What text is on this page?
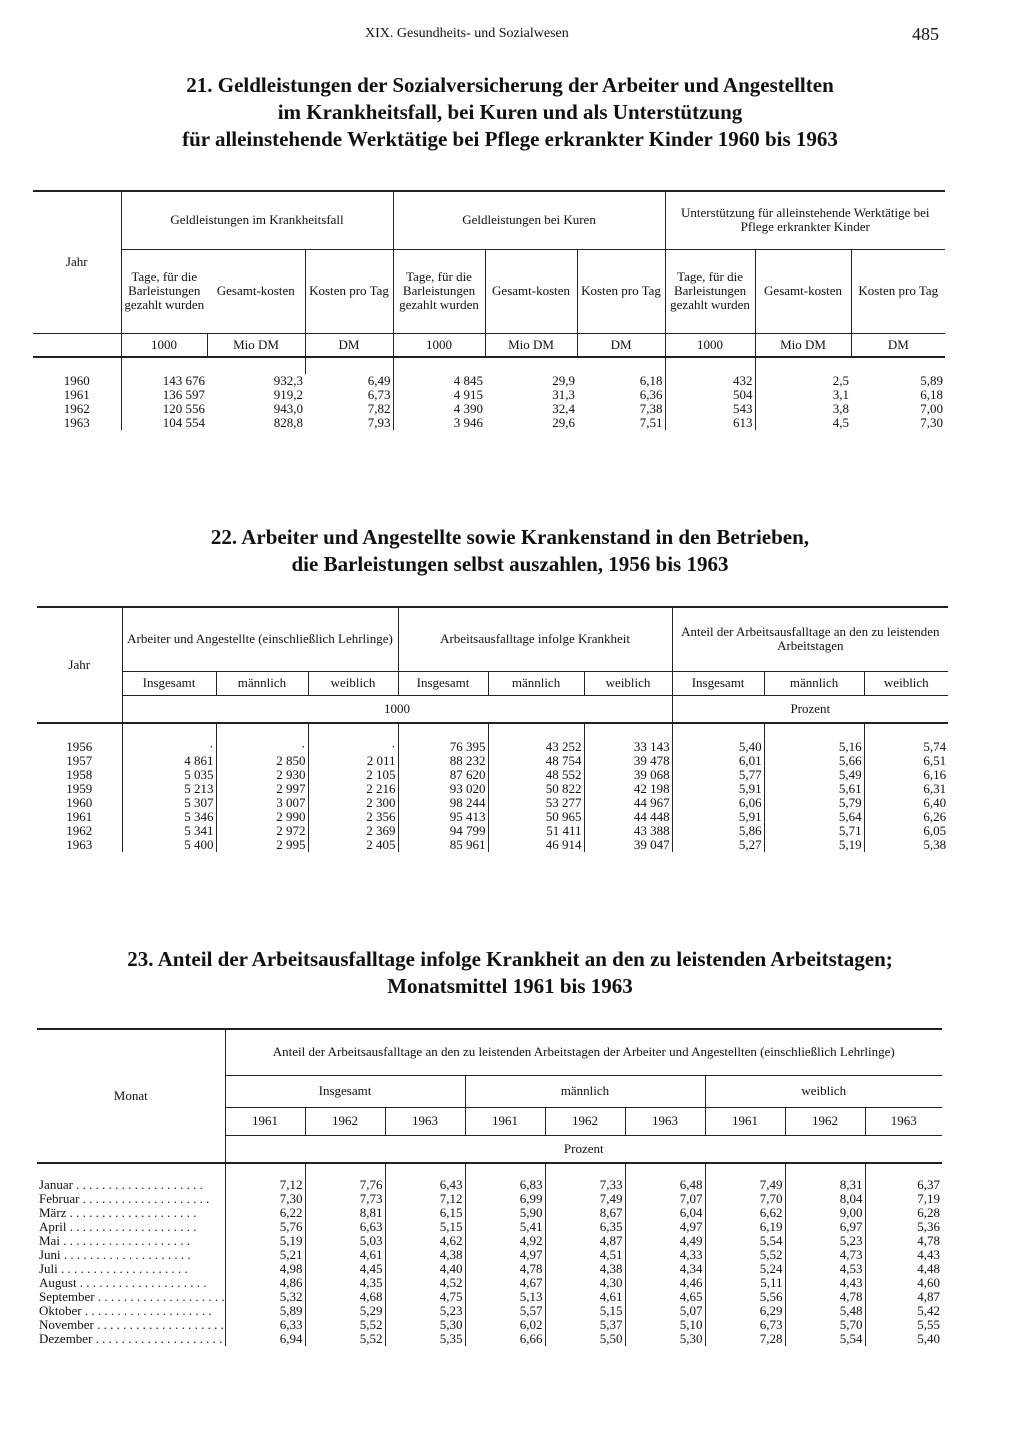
XIX. Gesundheits- und Sozialwesen	485
21. Geldleistungen der Sozialversicherung der Arbeiter und Angestellten
im Krankheitsfall, bei Kuren und als Unterstützung
für alleinstehende Werktätige bei Pflege erkrankter Kinder 1960 bis 1963
Jahr	Geldleistungen im Krankheitsfall			Geldleistungen bei Kuren			Unterstützung für alleinstehende Werktätige bei Pflege erkrankter Kinder		
	Tage, für die Barleistungen gezahlt wurden	Gesamt-kosten	Kosten pro Tag	Tage, für die Barleistungen gezahlt wurden	Gesamt-kosten	Kosten pro Tag	Tage, für die Barleistungen gezahlt wurden	Gesamt-kosten	Kosten pro Tag
	1000	Mio DM	DM	1000	Mio DM	DM	1000	Mio DM	DM

1960	143 676	932,3	6,49	4 845	29,9	6,18	432	2,5	5,89
1961	136 597	919,2	6,73	4 915	31,3	6,36	504	3,1	6,18
1962	120 556	943,0	7,82	4 390	32,4	7,38	543	3,8	7,00
1963	104 554	828,8	7,93	3 946	29,6	7,51	613	4,5	7,30
22. Arbeiter und Angestellte sowie Krankenstand in den Betrieben,
die Barleistungen selbst auszahlen, 1956 bis 1963
Jahr	Arbeiter und Angestellte (einschließlich Lehrlinge)			Arbeitsausfalltage infolge Krankheit			Anteil der Arbeitsausfalltage an den zu leistenden Arbeitstagen		
	Insgesamt	männlich	weiblich	Insgesamt	männlich	weiblich	Insgesamt	männlich	weiblich
	1000						Prozent		

1956	·	·	·	76 395	43 252	33 143	5,40	5,16	5,74
1957	4 861	2 850	2 011	88 232	48 754	39 478	6,01	5,66	6,51
1958	5 035	2 930	2 105	87 620	48 552	39 068	5,77	5,49	6,16
1959	5 213	2 997	2 216	93 020	50 822	42 198	5,91	5,61	6,31
1960	5 307	3 007	2 300	98 244	53 277	44 967	6,06	5,79	6,40
1961	5 346	2 990	2 356	95 413	50 965	44 448	5,91	5,64	6,26
1962	5 341	2 972	2 369	94 799	51 411	43 388	5,86	5,71	6,05
1963	5 400	2 995	2 405	85 961	46 914	39 047	5,27	5,19	5,38
23. Anteil der Arbeitsausfalltage infolge Krankheit an den zu leistenden Arbeitstagen;
Monatsmittel 1961 bis 1963
Monat	Anteil der Arbeitsausfalltage an den zu leistenden Arbeitstagen der Arbeiter und Angestellten (einschließlich Lehrlinge)								
	Insgesamt			männlich			weiblich		
	1961	1962	1963	1961	1962	1963	1961	1962	1963
	Prozent								

Januar . . . . . . . . . . . . . . . . . . . .	7,12	7,76	6,43	6,83	7,33	6,48	7,49	8,31	6,37
Februar . . . . . . . . . . . . . . . . . . . .	7,30	7,73	7,12	6,99	7,49	7,07	7,70	8,04	7,19
März . . . . . . . . . . . . . . . . . . . .	6,22	8,81	6,15	5,90	8,67	6,04	6,62	9,00	6,28
April . . . . . . . . . . . . . . . . . . . .	5,76	6,63	5,15	5,41	6,35	4,97	6,19	6,97	5,36
Mai . . . . . . . . . . . . . . . . . . . .	5,19	5,03	4,62	4,92	4,87	4,49	5,54	5,23	4,78
Juni . . . . . . . . . . . . . . . . . . . .	5,21	4,61	4,38	4,97	4,51	4,33	5,52	4,73	4,43
Juli . . . . . . . . . . . . . . . . . . . .	4,98	4,45	4,40	4,78	4,38	4,34	5,24	4,53	4,48
August . . . . . . . . . . . . . . . . . . . .	4,86	4,35	4,52	4,67	4,30	4,46	5,11	4,43	4,60
September . . . . . . . . . . . . . . . . . . . .	5,32	4,68	4,75	5,13	4,61	4,65	5,56	4,78	4,87
Oktober . . . . . . . . . . . . . . . . . . . .	5,89	5,29	5,23	5,57	5,15	5,07	6,29	5,48	5,42
November . . . . . . . . . . . . . . . . . . . .	6,33	5,52	5,30	6,02	5,37	5,10	6,73	5,70	5,55
Dezember . . . . . . . . . . . . . . . . . . . .	6,94	5,52	5,35	6,66	5,50	5,30	7,28	5,54	5,40
